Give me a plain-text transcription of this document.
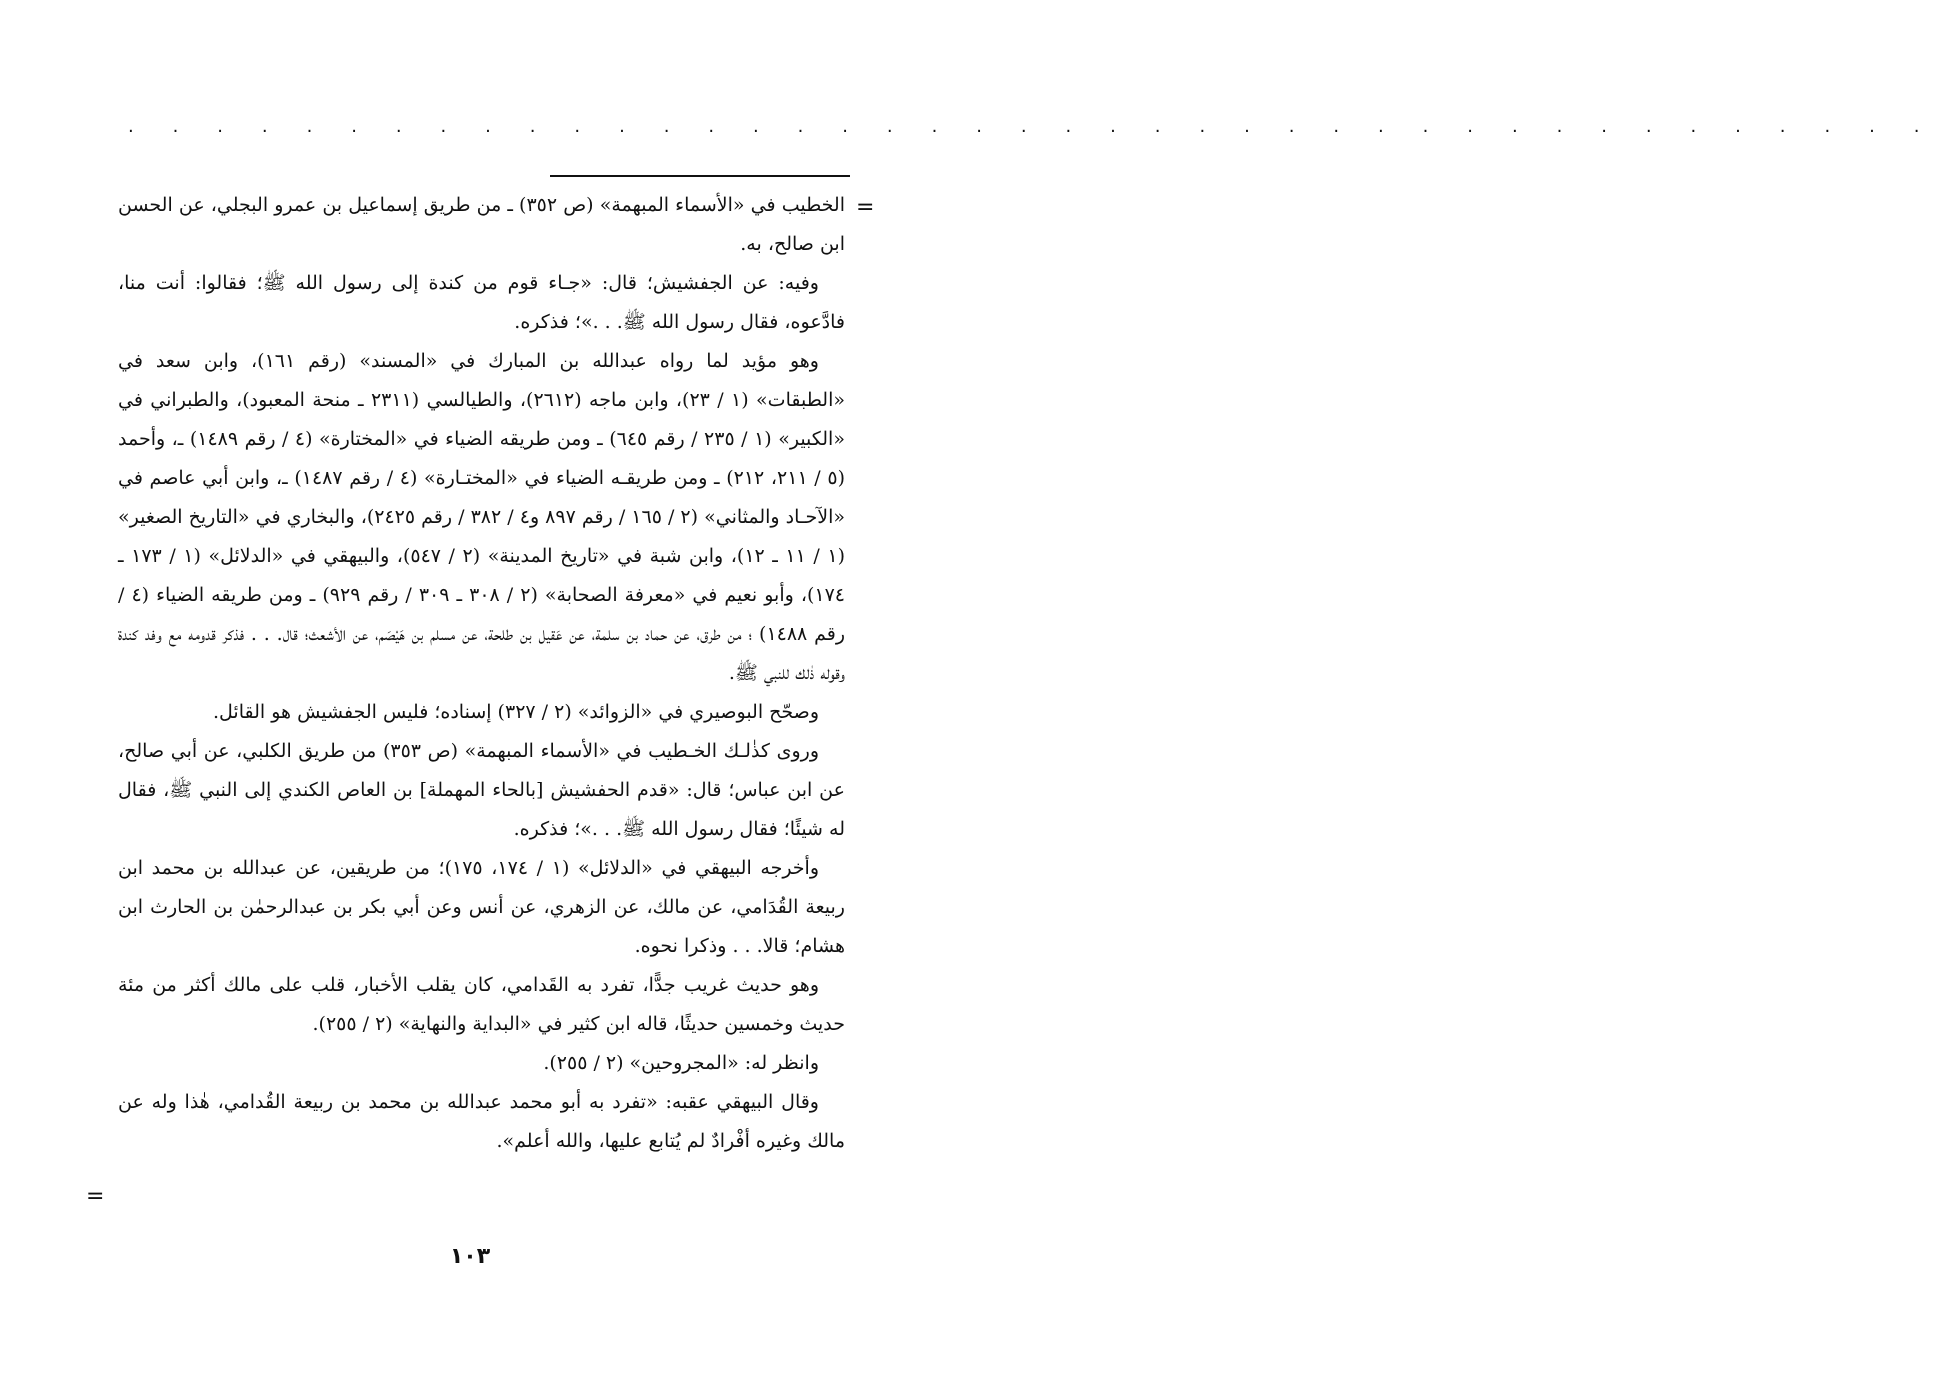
. . . . . . . . . . . . . . . . . . . . . . . . . . . . . . . . . . . . . . . . .
=

الخطيب في «الأسماء المبهمة» (ص ٣٥٢) ـ من طريق إسماعيل بن عمرو البجلي، عن الحسن ابن صالح، به.

وفيه: عن الجفشيش؛ قال: «جـاء قوم من كندة إلى رسول الله ﷺ؛ فقالوا: أنت منا، فادَّعوه، فقال رسول الله ﷺ. . .»؛ فذكره.

وهو مؤيد لما رواه عبدالله بن المبارك في «المسند» (رقم ١٦١)، وابن سعد في «الطبقات» (١ / ٢٣)، وابن ماجه (٢٦١٢)، والطيالسي (٢٣١١ ـ منحة المعبود)، والطبراني في «الكبير» (١ / ٢٣٥ / رقم ٦٤٥) ـ ومن طريقه الضياء في «المختارة» (٤ / رقم ١٤٨٩) ـ، وأحمد (٥ / ٢١١، ٢١٢) ـ ومن طريقـه الضياء في «المختـارة» (٤ / رقم ١٤٨٧) ـ، وابن أبي عاصم في «الآحـاد والمثاني» (٢ / ١٦٥ / رقم ٨٩٧ و٤ / ٣٨٢ / رقم ٢٤٢٥)، والبخاري في «التاريخ الصغير» (١ / ١١ ـ ١٢)، وابن شبة في «تاريخ المدينة» (٢ / ٥٤٧)، والبيهقي في «الدلائل» (١ / ١٧٣ ـ ١٧٤)، وأبو نعيم في «معرفة الصحابة» (٢ / ٣٠٨ ـ ٣٠٩ / رقم ٩٢٩) ـ ومن طريقه الضياء (٤ / رقم ١٤٨٨) ؛ من طرق، عن حماد بن سلمة، عن عَقيل بن طلحة، عن مسلم بن هَيْصَم، عن الأشعث؛ قال. . . فذكر قدومه مع وفد كندة وقوله ذٰلك للنبي ﷺ.

وصحّح البوصيري في «الزوائد» (٢ / ٣٢٧) إسناده؛ فليس الجفشيش هو القائل.

وروى كذٰلـك الخـطيب في «الأسماء المبهمة» (ص ٣٥٣) من طريق الكلبي، عن أبي صالح، عن ابن عباس؛ قال: «قدم الحفشيش [بالحاء المهملة] بن العاص الكندي إلى النبي ﷺ، فقال له شيئًا؛ فقال رسول الله ﷺ. . .»؛ فذكره.

وأخرجه البيهقي في «الدلائل» (١ / ١٧٤، ١٧٥)؛ من طريقين، عن عبدالله بن محمد ابن ربيعة القُدَامي، عن مالك، عن الزهري، عن أنس وعن أبي بكر بن عبدالرحمٰن بن الحارث ابن هشام؛ قالا. . . وذكرا نحوه.

وهو حديث غريب جدًّا، تفرد به القَدامي، كان يقلب الأخبار، قلب على مالك أكثر من مئة حديث وخمسين حديثًا، قاله ابن كثير في «البداية والنهاية» (٢ / ٢٥٥).

وانظر له: «المجروحين» (٢ / ٢٥٥).

وقال البيهقي عقبه: «تفرد به أبو محمد عبدالله بن محمد بن ربيعة القُدامي، هٰذا وله عن مالك وغيره أفْرادٌ لم يُتابع عليها، والله أعلم».

=
١٠٣
